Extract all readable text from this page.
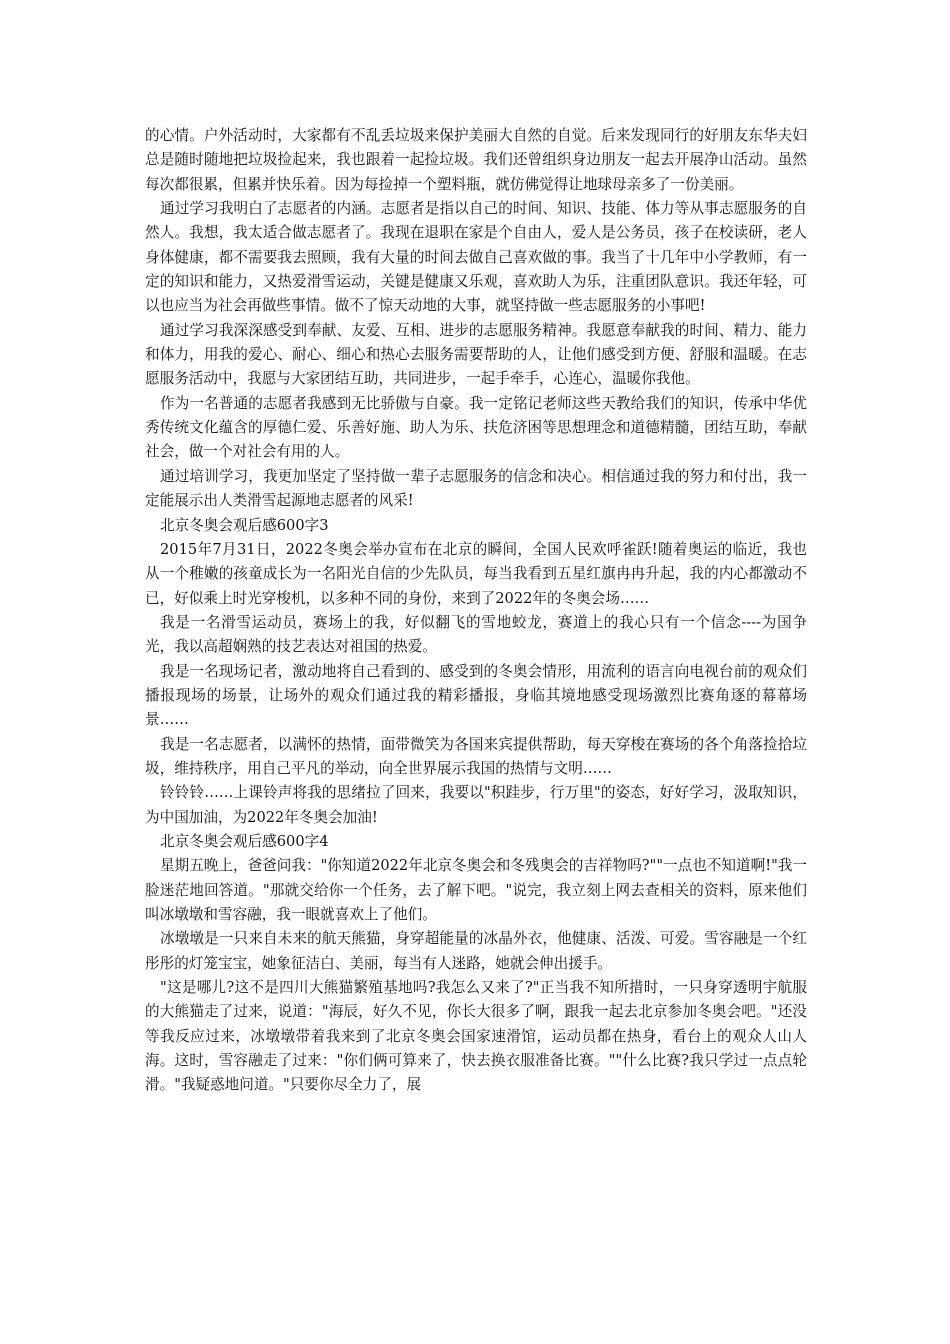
的心情。户外活动时，大家都有不乱丢垃圾来保护美丽大自然的自觉。后来发现同行的好朋友东华夫妇总是随时随地把垃圾捡起来，我也跟着一起捡垃圾。我们还曾组织身边朋友一起去开展净山活动。虽然每次都很累，但累并快乐着。因为每捡掉一个塑料瓶，就仿佛觉得让地球母亲多了一份美丽。

通过学习我明白了志愿者的内涵。志愿者是指以自己的时间、知识、技能、体力等从事志愿服务的自然人。我想，我太适合做志愿者了。我现在退职在家是个自由人，爱人是公务员，孩子在校读研，老人身体健康，都不需要我去照顾，我有大量的时间去做自己喜欢做的事。我当了十几年中小学教师，有一定的知识和能力，又热爱滑雪运动，关键是健康又乐观，喜欢助人为乐，注重团队意识。我还年轻，可以也应当为社会再做些事情。做不了惊天动地的大事，就坚持做一些志愿服务的小事吧!

通过学习我深深感受到奉献、友爱、互相、进步的志愿服务精神。我愿意奉献我的时间、精力、能力和体力，用我的爱心、耐心、细心和热心去服务需要帮助的人，让他们感受到方便、舒服和温暖。在志愿服务活动中，我愿与大家团结互助，共同进步，一起手牵手，心连心，温暖你我他。

作为一名普通的志愿者我感到无比骄傲与自豪。我一定铭记老师这些天教给我们的知识，传承中华优秀传统文化蕴含的厚德仁爱、乐善好施、助人为乐、扶危济困等思想理念和道德精髓，团结互助，奉献社会，做一个对社会有用的人。

通过培训学习，我更加坚定了坚持做一辈子志愿服务的信念和决心。相信通过我的努力和付出，我一定能展示出人类滑雪起源地志愿者的风采!

北京冬奥会观后感600字3

2015年7月31日，2022冬奥会举办宣布在北京的瞬间，全国人民欢呼雀跃!随着奥运的临近，我也从一个稚嫩的孩童成长为一名阳光自信的少先队员，每当我看到五星红旗冉冉升起，我的内心都激动不已，好似乘上时光穿梭机，以多种不同的身份，来到了2022年的冬奥会场……

我是一名滑雪运动员，赛场上的我，好似翻飞的雪地蛟龙，赛道上的我心只有一个信念----为国争光，我以高超娴熟的技艺表达对祖国的热爱。

我是一名现场记者，激动地将自己看到的、感受到的冬奥会情形，用流利的语言向电视台前的观众们播报现场的场景，让场外的观众们通过我的精彩播报，身临其境地感受现场激烈比赛角逐的幕幕场景……

我是一名志愿者，以满怀的热情，面带微笑为各国来宾提供帮助，每天穿梭在赛场的各个角落捡拾垃圾，维持秩序，用自己平凡的举动，向全世界展示我国的热情与文明……

铃铃铃……上课铃声将我的思绪拉了回来，我要以"积跬步，行万里"的姿态，好好学习，汲取知识，为中国加油，为2022年冬奥会加油!

北京冬奥会观后感600字4

星期五晚上，爸爸问我："你知道2022年北京冬奥会和冬残奥会的吉祥物吗?""一点也不知道啊!"我一脸迷茫地回答道。"那就交给你一个任务，去了解下吧。"说完，我立刻上网去查相关的资料，原来他们叫冰墩墩和雪容融，我一眼就喜欢上了他们。

冰墩墩是一只来自未来的航天熊猫，身穿超能量的冰晶外衣，他健康、活泼、可爱。雪容融是一个红彤彤的灯笼宝宝，她象征洁白、美丽，每当有人迷路，她就会伸出援手。

"这是哪儿?这不是四川大熊猫繁殖基地吗?我怎么又来了?"正当我不知所措时，一只身穿透明宇航服的大熊猫走了过来，说道："海辰，好久不见，你长大很多了啊，跟我一起去北京参加冬奥会吧。"还没等我反应过来，冰墩墩带着我来到了北京冬奥会国家速滑馆，运动员都在热身，看台上的观众人山人海。这时，雪容融走了过来："你们俩可算来了，快去换衣服准备比赛。""什么比赛?我只学过一点点轮滑。"我疑惑地问道。"只要你尽全力了，展
